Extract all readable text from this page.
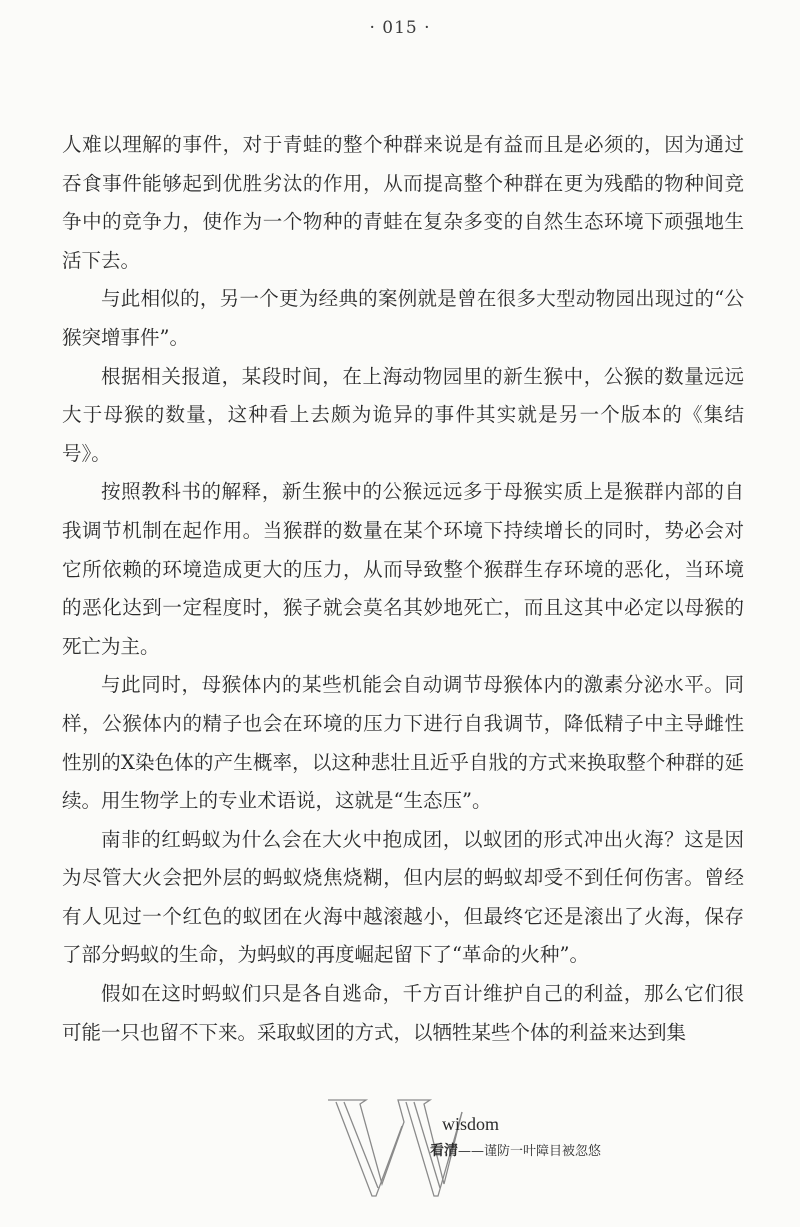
· 015 ·

人难以理解的事件，对于青蛙的整个种群来说是有益而且是必须的，因为通过吞食事件能够起到优胜劣汰的作用，从而提高整个种群在更为残酷的物种间竞争中的竞争力，使作为一个物种的青蛙在复杂多变的自然生态环境下顽强地生活下去。

与此相似的，另一个更为经典的案例就是曾在很多大型动物园出现过的“公猴突增事件”。

根据相关报道，某段时间，在上海动物园里的新生猴中，公猴的数量远远大于母猴的数量，这种看上去颇为诡异的事件其实就是另一个版本的《集结号》。

按照教科书的解释，新生猴中的公猴远远多于母猴实质上是猴群内部的自我调节机制在起作用。当猴群的数量在某个环境下持续增长的同时，势必会对它所依赖的环境造成更大的压力，从而导致整个猴群生存环境的恶化，当环境的恶化达到一定程度时，猴子就会莫名其妙地死亡，而且这其中必定以母猴的死亡为主。

与此同时，母猴体内的某些机能会自动调节母猴体内的激素分泌水平。同样，公猴体内的精子也会在环境的压力下进行自我调节，降低精子中主导雌性性别的X染色体的产生概率，以这种悲壮且近乎自戕的方式来换取整个种群的延续。用生物学上的专业术语说，这就是“生态压”。

南非的红蚂蚁为什么会在大火中抱成团，以蚁团的形式冲出火海？这是因为尽管大火会把外层的蚂蚁烧焦烧糊，但内层的蚂蚁却受不到任何伤害。曾经有人见过一个红色的蚁团在火海中越滚越小，但最终它还是滚出了火海，保存了部分蚂蚁的生命，为蚂蚁的再度崛起留下了“革命的火种”。

假如在这时蚂蚁们只是各自逃命，千方百计维护自己的利益，那么它们很可能一只也留不下来。采取蚁团的方式，以牺牲某些个体的利益来达到集

wisdom
看清——谨防一叶障目被忽悠
